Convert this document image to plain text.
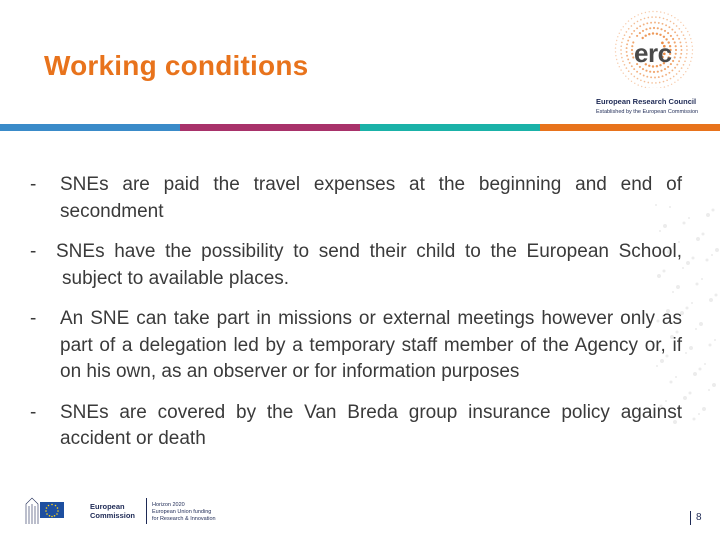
Working conditions	erc
European Research Council
Established by the European Commission
-	SNEs are paid the travel expenses at the beginning and end of secondment
-	SNEs have the possibility to send their child to the European School, subject to available places.
-	An SNE can take part in missions or external meetings however only as part of a delegation led by a temporary staff member of the Agency or, if on his own, as an observer or for information purposes
-	SNEs are covered by the Van Breda group insurance policy against accident or death
European
Commission
Horizon 2020
European Union funding
for Research & Innovation	8
